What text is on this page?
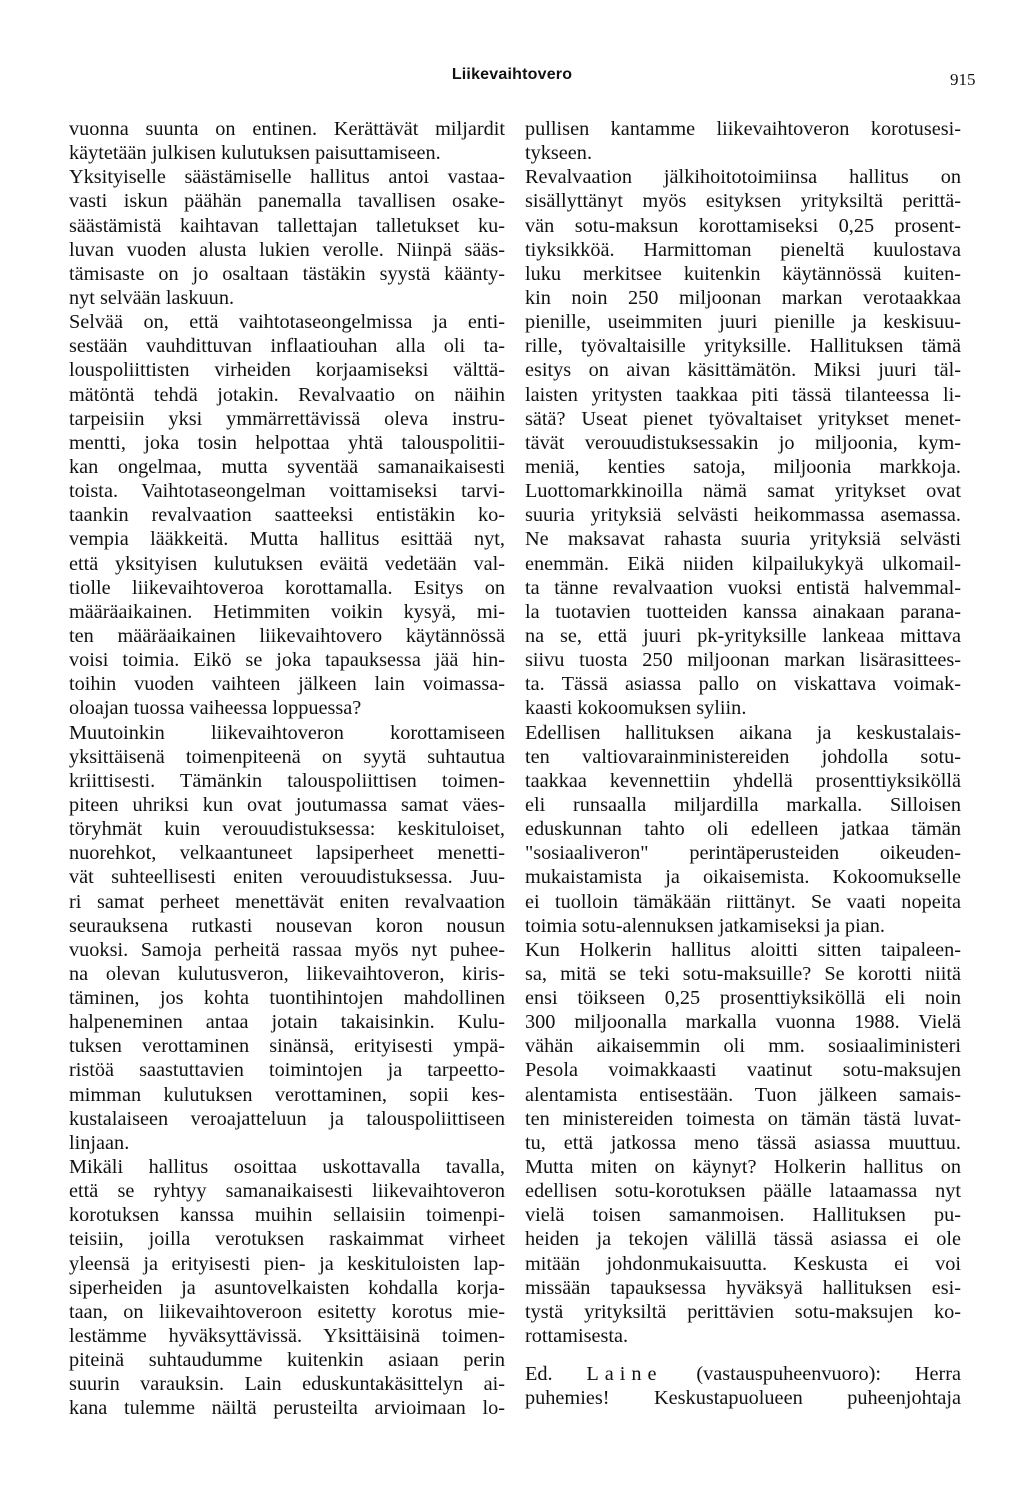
Liikevaihtovero	915
vuonna suunta on entinen. Kerättävät miljardit
käytetään julkisen kulutuksen paisuttamiseen.
Yksityiselle säästämiselle hallitus antoi vastaa-
vasti iskun päähän panemalla tavallisen osake-
säästämistä kaihtavan tallettajan talletukset ku-
luvan vuoden alusta lukien verolle. Niinpä sääs-
tämisaste on jo osaltaan tästäkin syystä käänty-
nyt selvään laskuun.
Selvää on, että vaihtotaseongelmissa ja enti-
sestään vauhdittuvan inflaatiouhan alla oli ta-
louspoliittisten virheiden korjaamiseksi välttä-
mätöntä tehdä jotakin. Revalvaatio on näihin
tarpeisiin yksi ymmärrettävissä oleva instru-
mentti, joka tosin helpottaa yhtä talouspolitii-
kan ongelmaa, mutta syventää samanaikaisesti
toista. Vaihtotaseongelman voittamiseksi tarvi-
taankin revalvaation saatteeksi entistäkin ko-
vempia lääkkeitä. Mutta hallitus esittää nyt,
että yksityisen kulutuksen eväitä vedetään val-
tiolle liikevaihtoveroa korottamalla. Esitys on
määräaikainen. Hetimmiten voikin kysyä, mi-
ten määräaikainen liikevaihtovero käytännössä
voisi toimia. Eikö se joka tapauksessa jää hin-
toihin vuoden vaihteen jälkeen lain voimassa-
oloajan tuossa vaiheessa loppuessa?
Muutoinkin liikevaihtoveron korottamiseen
yksittäisenä toimenpiteenä on syytä suhtautua
kriittisesti. Tämänkin talouspoliittisen toimen-
piteen uhriksi kun ovat joutumassa samat väes-
töryhmät kuin verouudistuksessa: keskituloiset,
nuorehkot, velkaantuneet lapsiperheet menetti-
vät suhteellisesti eniten verouudistuksessa. Juu-
ri samat perheet menettävät eniten revalvaation
seurauksena rutkasti nousevan koron nousun
vuoksi. Samoja perheitä rassaa myös nyt puhee-
na olevan kulutusveron, liikevaihtoveron, kiris-
täminen, jos kohta tuontihintojen mahdollinen
halpeneminen antaa jotain takaisinkin. Kulu-
tuksen verottaminen sinänsä, erityisesti ympä-
ristöä saastuttavien toimintojen ja tarpeetto-
mimman kulutuksen verottaminen, sopii kes-
kustalaiseen veroajatteluun ja talouspoliittiseen
linjaan.
Mikäli hallitus osoittaa uskottavalla tavalla,
että se ryhtyy samanaikaisesti liikevaihtoveron
korotuksen kanssa muihin sellaisiin toimenpi-
teisiin, joilla verotuksen raskaimmat virheet
yleensä ja erityisesti pien- ja keskituloisten lap-
siperheiden ja asuntovelkaisten kohdalla korja-
taan, on liikevaihtoveroon esitetty korotus mie-
lestämme hyväksyttävissä. Yksittäisinä toimen-
piteinä suhtaudumme kuitenkin asiaan perin
suurin varauksin. Lain eduskuntakäsittelyn ai-
kana tulemme näiltä perusteilta arvioimaan lo-
pullisen kantamme liikevaihtoveron korotusesi-
tykseen.
Revalvaation jälkihoitotoimiinsa hallitus on
sisällyttänyt myös esityksen yrityksiltä perittä-
vän sotu-maksun korottamiseksi 0,25 prosent-
tiyksikköä. Harmittoman pieneltä kuulostava
luku merkitsee kuitenkin käytännössä kuiten-
kin noin 250 miljoonan markan verotaakkaa
pienille, useimmiten juuri pienille ja keskisuu-
rille, työvaltaisille yrityksille. Hallituksen tämä
esitys on aivan käsittämätön. Miksi juuri täl-
laisten yritysten taakkaa piti tässä tilanteessa li-
sätä? Useat pienet työvaltaiset yritykset menet-
tävät verouudistuksessakin jo miljoonia, kym-
meniä, kenties satoja, miljoonia markkoja.
Luottomarkkinoilla nämä samat yritykset ovat
suuria yrityksiä selvästi heikommassa asemassa.
Ne maksavat rahasta suuria yrityksiä selvästi
enemmän. Eikä niiden kilpailukykyä ulkomail-
ta tänne revalvaation vuoksi entistä halvemmal-
la tuotavien tuotteiden kanssa ainakaan parana-
na se, että juuri pk-yrityksille lankeaa mittava
siivu tuosta 250 miljoonan markan lisärasittees-
ta. Tässä asiassa pallo on viskattava voimak-
kaasti kokoomuksen syliin.
Edellisen hallituksen aikana ja keskustalais-
ten valtiovarainministereiden johdolla sotu-
taakkaa kevennettiin yhdellä prosenttiyksiköllä
eli runsaalla miljardilla markalla. Silloisen
eduskunnan tahto oli edelleen jatkaa tämän
"sosiaaliveron" perintäperusteiden oikeuden-
mukaistamista ja oikaisemista. Kokoomukselle
ei tuolloin tämäkään riittänyt. Se vaati nopeita
toimia sotu-alennuksen jatkamiseksi ja pian.
Kun Holkerin hallitus aloitti sitten taipaleen-
sa, mitä se teki sotu-maksuille? Se korotti niitä
ensi töikseen 0,25 prosenttiyksiköllä eli noin
300 miljoonalla markalla vuonna 1988. Vielä
vähän aikaisemmin oli mm. sosiaaliministeri
Pesola voimakkaasti vaatinut sotu-maksujen
alentamista entisestään. Tuon jälkeen samais-
ten ministereiden toimesta on tämän tästä luvat-
tu, että jatkossa meno tässä asiassa muuttuu.
Mutta miten on käynyt? Holkerin hallitus on
edellisen sotu-korotuksen päälle lataamassa nyt
vielä toisen samanmoisen. Hallituksen pu-
heiden ja tekojen välillä tässä asiassa ei ole
mitään johdonmukaisuutta. Keskusta ei voi
missään tapauksessa hyväksyä hallituksen esi-
tystä yrityksiltä perittävien sotu-maksujen ko-
rottamisesta.
Ed. Laine (vastauspuheenvuoro): Herra
puhemies! Keskustapuolueen puheenjohtaja
